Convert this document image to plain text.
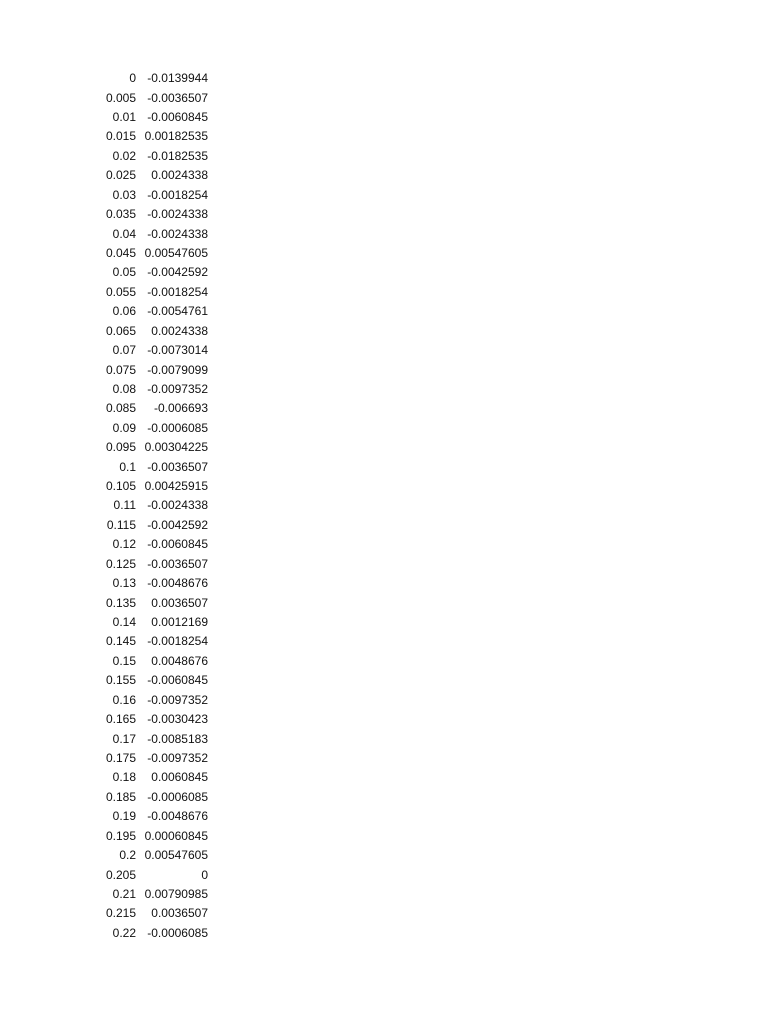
0	-0.0139944
0.005	-0.0036507
0.01	-0.0060845
0.015	0.00182535
0.02	-0.0182535
0.025	0.0024338
0.03	-0.0018254
0.035	-0.0024338
0.04	-0.0024338
0.045	0.00547605
0.05	-0.0042592
0.055	-0.0018254
0.06	-0.0054761
0.065	0.0024338
0.07	-0.0073014
0.075	-0.0079099
0.08	-0.0097352
0.085	-0.006693
0.09	-0.0006085
0.095	0.00304225
0.1	-0.0036507
0.105	0.00425915
0.11	-0.0024338
0.115	-0.0042592
0.12	-0.0060845
0.125	-0.0036507
0.13	-0.0048676
0.135	0.0036507
0.14	0.0012169
0.145	-0.0018254
0.15	0.0048676
0.155	-0.0060845
0.16	-0.0097352
0.165	-0.0030423
0.17	-0.0085183
0.175	-0.0097352
0.18	0.0060845
0.185	-0.0006085
0.19	-0.0048676
0.195	0.00060845
0.2	0.00547605
0.205	0
0.21	0.00790985
0.215	0.0036507
0.22	-0.0006085
